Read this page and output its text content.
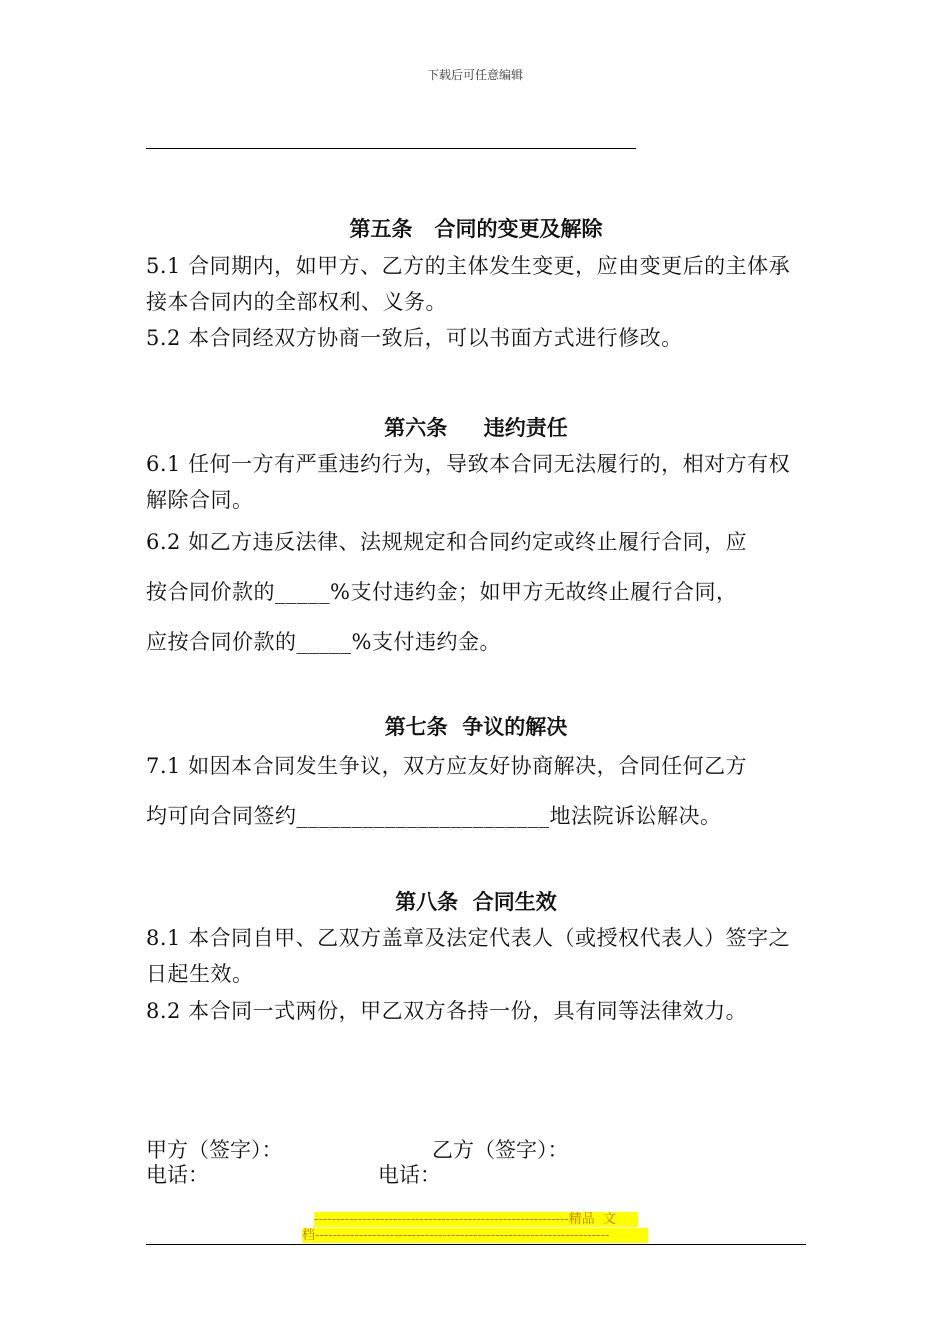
下载后可任意编辑
第五条   合同的变更及解除
5.1 合同期内，如甲方、乙方的主体发生变更，应由变更后的主体承接本合同内的全部权利、义务。
5.2 本合同经双方协商一致后，可以书面方式进行修改。
第六条     违约责任
6.1 任何一方有严重违约行为，导致本合同无法履行的，相对方有权解除合同。
6.2 如乙方违反法律、法规规定和合同约定或终止履行合同，应
按合同价款的_____%支付违约金；如甲方无故终止履行合同，
应按合同价款的_____%支付违约金。
第七条  争议的解决
7.1 如因本合同发生争议，双方应友好协商解决，合同任何乙方
均可向合同签约_______________________地法院诉讼解决。
第八条  合同生效
8.1 本合同自甲、乙双方盖章及法定代表人（或授权代表人）签字之日起生效。
8.2 本合同一式两份，甲乙双方各持一份，具有同等法律效力。
甲方（签字）：	乙方（签字）：
电话：	电话：
----------------------------------------------------------精品  文
档-------------------------------------------------------------------
